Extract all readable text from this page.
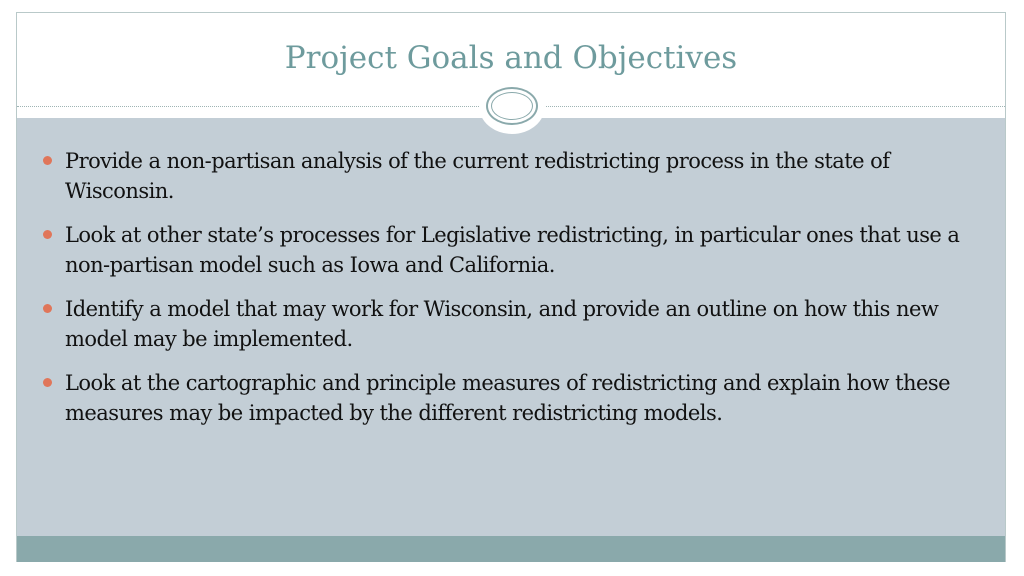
Project Goals and Objectives
Provide a non-partisan analysis of the current redistricting process in the state of Wisconsin.
Look at other state’s processes for Legislative redistricting, in particular ones that use a non-partisan model such as Iowa and California.
Identify a model that may work for Wisconsin, and provide an outline on how this new model may be implemented.
Look at the cartographic and principle measures of redistricting and explain how these measures may be impacted by the different redistricting models.
